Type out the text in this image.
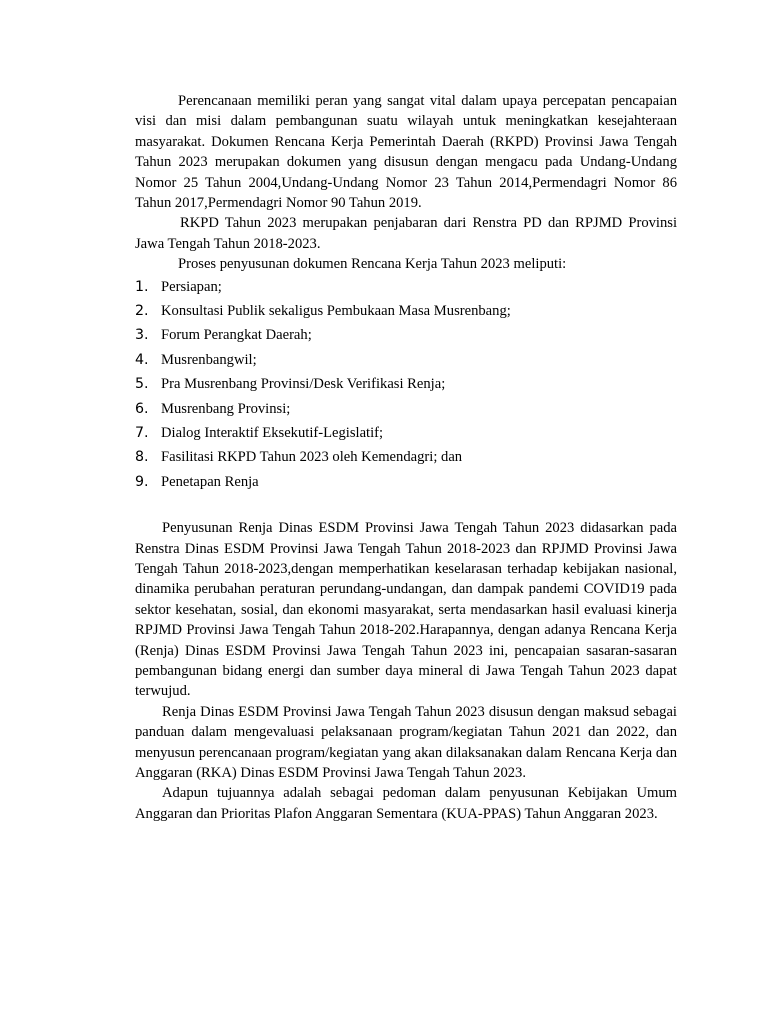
Perencanaan memiliki peran yang sangat vital dalam upaya percepatan pencapaian visi dan misi dalam pembangunan suatu wilayah untuk meningkatkan kesejahteraan masyarakat. Dokumen Rencana Kerja Pemerintah Daerah (RKPD) Provinsi Jawa Tengah Tahun 2023 merupakan dokumen yang disusun dengan mengacu pada Undang-Undang Nomor 25 Tahun 2004,Undang-Undang Nomor 23 Tahun 2014,Permendagri Nomor 86 Tahun 2017,Permendagri Nomor 90 Tahun 2019.

RKPD Tahun 2023 merupakan penjabaran dari Renstra PD dan RPJMD Provinsi Jawa Tengah Tahun 2018-2023.

Proses penyusunan dokumen Rencana Kerja Tahun 2023 meliputi:

1. Persiapan;
2. Konsultasi Publik sekaligus Pembukaan Masa Musrenbang;
3. Forum Perangkat Daerah;
4. Musrenbangwil;
5. Pra Musrenbang Provinsi/Desk Verifikasi Renja;
6. Musrenbang Provinsi;
7. Dialog Interaktif Eksekutif-Legislatif;
8. Fasilitasi RKPD Tahun 2023 oleh Kemendagri; dan
9. Penetapan Renja

Penyusunan Renja Dinas ESDM Provinsi Jawa Tengah Tahun 2023 didasarkan pada Renstra Dinas ESDM Provinsi Jawa Tengah Tahun 2018-2023 dan RPJMD Provinsi Jawa Tengah Tahun 2018-2023,dengan memperhatikan keselarasan terhadap kebijakan nasional, dinamika perubahan peraturan perundang-undangan, dan dampak pandemi COVID19 pada sektor kesehatan, sosial, dan ekonomi masyarakat, serta mendasarkan hasil evaluasi kinerja RPJMD Provinsi Jawa Tengah Tahun 2018-202.Harapannya, dengan adanya Rencana Kerja (Renja) Dinas ESDM Provinsi Jawa Tengah Tahun 2023 ini, pencapaian sasaran-sasaran pembangunan bidang energi dan sumber daya mineral di Jawa Tengah Tahun 2023 dapat terwujud.

Renja Dinas ESDM Provinsi Jawa Tengah Tahun 2023 disusun dengan maksud sebagai panduan dalam mengevaluasi pelaksanaan program/kegiatan Tahun 2021 dan 2022, dan menyusun perencanaan program/kegiatan yang akan dilaksanakan dalam Rencana Kerja dan Anggaran (RKA) Dinas ESDM Provinsi Jawa Tengah Tahun 2023.

Adapun tujuannya adalah sebagai pedoman dalam penyusunan Kebijakan Umum Anggaran dan Prioritas Plafon Anggaran Sementara (KUA-PPAS) Tahun Anggaran 2023.
